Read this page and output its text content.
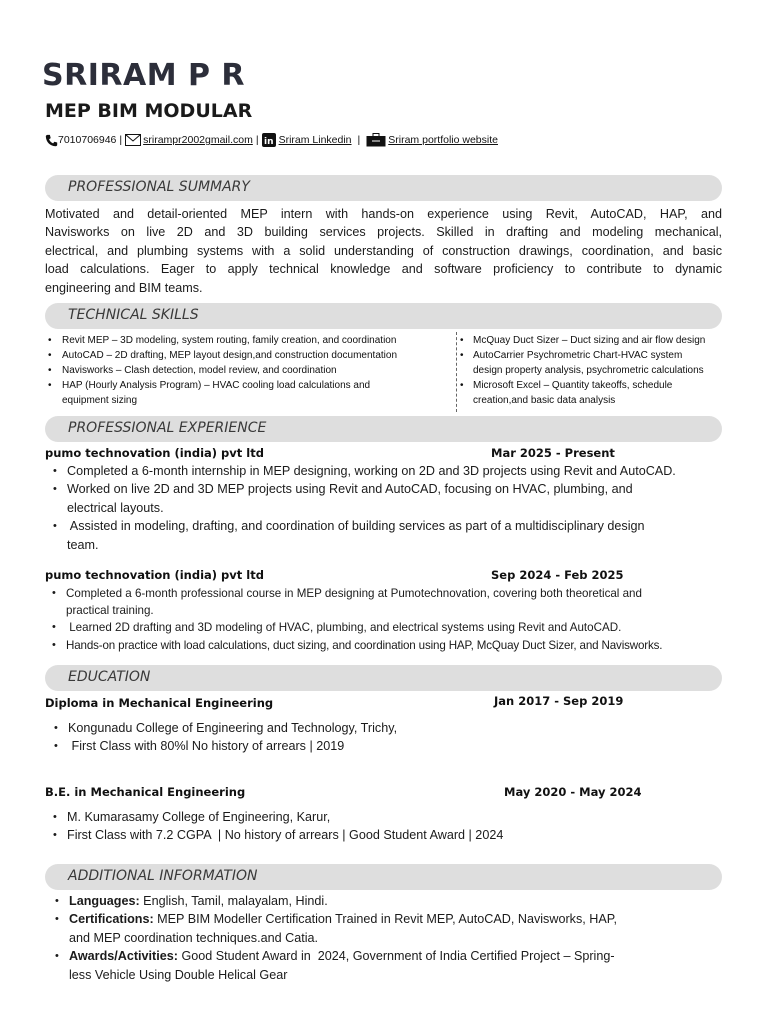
SRIRAM P R
MEP BIM MODULAR
7010706946 | srirampr2002gmail.com | in Sriram Linkedin |	Sriram portfolio website
PROFESSIONAL SUMMARY
Motivated and detail-oriented MEP intern with hands-on experience using Revit, AutoCAD, HAP, and
Navisworks on live 2D and 3D building services projects. Skilled in drafting and modeling mechanical,
electrical, and plumbing systems with a solid understanding of construction drawings, coordination, and basic
load calculations. Eager to apply technical knowledge and software proficiency to contribute to dynamic
engineering and BIM teams.
TECHNICAL SKILLS
• Revit MEP – 3D modeling, system routing, family creation, and coordination
• AutoCAD – 2D drafting, MEP layout design,and construction documentation
• Navisworks – Clash detection, model review, and coordination
• HAP (Hourly Analysis Program) – HVAC cooling load calculations and
equipment sizing
• McQuay Duct Sizer – Duct sizing and air flow design
• AutoCarrier Psychrometric Chart-HVAC system
design property analysis, psychrometric calculations
• Microsoft Excel – Quantity takeoffs, schedule
creation,and basic data analysis
PROFESSIONAL EXPERIENCE
pumo technovation (india) pvt ltd	Mar 2025 - Present
• Completed a 6-month internship in MEP designing, working on 2D and 3D projects using Revit and AutoCAD.
• Worked on live 2D and 3D MEP projects using Revit and AutoCAD, focusing on HVAC, plumbing, and
electrical layouts.
• Assisted in modeling, drafting, and coordination of building services as part of a multidisciplinary design
team.
pumo technovation (india) pvt ltd	Sep 2024 - Feb 2025
• Completed a 6-month professional course in MEP designing at Pumotechnovation, covering both theoretical and
practical training.
• Learned 2D drafting and 3D modeling of HVAC, plumbing, and electrical systems using Revit and AutoCAD.
• Hands-on practice with load calculations, duct sizing, and coordination using HAP, McQuay Duct Sizer, and Navisworks.
EDUCATION
Diploma in Mechanical Engineering	Jan 2017 - Sep 2019
• Kongunadu College of Engineering and Technology, Trichy,
• First Class with 80%l No history of arrears | 2019
B.E. in Mechanical Engineering	May 2020 - May 2024
• M. Kumarasamy College of Engineering, Karur,
• First Class with 7.2 CGPA  | No history of arrears | Good Student Award | 2024
ADDITIONAL INFORMATION
• Languages: English, Tamil, malayalam, Hindi.
• Certifications: MEP BIM Modeller Certification Trained in Revit MEP, AutoCAD, Navisworks, HAP,
and MEP coordination techniques.and Catia.
• Awards/Activities: Good Student Award in  2024, Government of India Certified Project – Spring-
less Vehicle Using Double Helical Gear
